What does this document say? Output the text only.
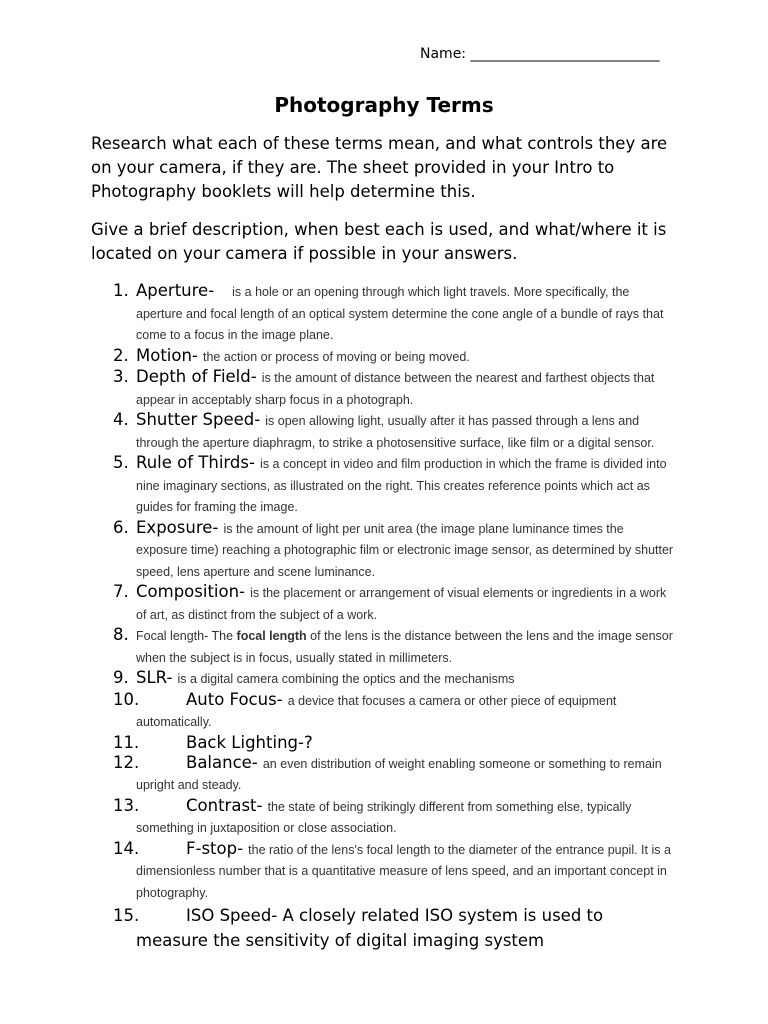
Name: ___________________________
Photography Terms
Research what each of these terms mean, and what controls they are on your camera, if they are. The sheet provided in your Intro to Photography booklets will help determine this.
Give a brief description, when best each is used, and what/where it is located on your camera if possible in your answers.
1. Aperture- is a hole or an opening through which light travels. More specifically, the aperture and focal length of an optical system determine the cone angle of a bundle of rays that come to a focus in the image plane.
2. Motion- the action or process of moving or being moved.
3. Depth of Field- is the amount of distance between the nearest and farthest objects that appear in acceptably sharp focus in a photograph.
4. Shutter Speed- is open allowing light, usually after it has passed through a lens and through the aperture diaphragm, to strike a photosensitive surface, like film or a digital sensor.
5. Rule of Thirds- is a concept in video and film production in which the frame is divided into nine imaginary sections, as illustrated on the right. This creates reference points which act as guides for framing the image.
6. Exposure- is the amount of light per unit area (the image plane luminance times the exposure time) reaching a photographic film or electronic image sensor, as determined by shutter speed, lens aperture and scene luminance.
7. Composition- is the placement or arrangement of visual elements or ingredients in a work of art, as distinct from the subject of a work.
8. Focal length- The focal length of the lens is the distance between the lens and the image sensor when the subject is in focus, usually stated in millimeters.
9. SLR- is a digital camera combining the optics and the mechanisms
10.	Auto Focus- a device that focuses a camera or other piece of equipment automatically.
11.	Back Lighting-?
12.	Balance- an even distribution of weight enabling someone or something to remain upright and steady.
13.	Contrast- the state of being strikingly different from something else, typically something in juxtaposition or close association.
14.	F-stop- the ratio of the lens's focal length to the diameter of the entrance pupil. It is a dimensionless number that is a quantitative measure of lens speed, and an important concept in photography.
15.	ISO Speed- A closely related ISO system is used to measure the sensitivity of digital imaging system
